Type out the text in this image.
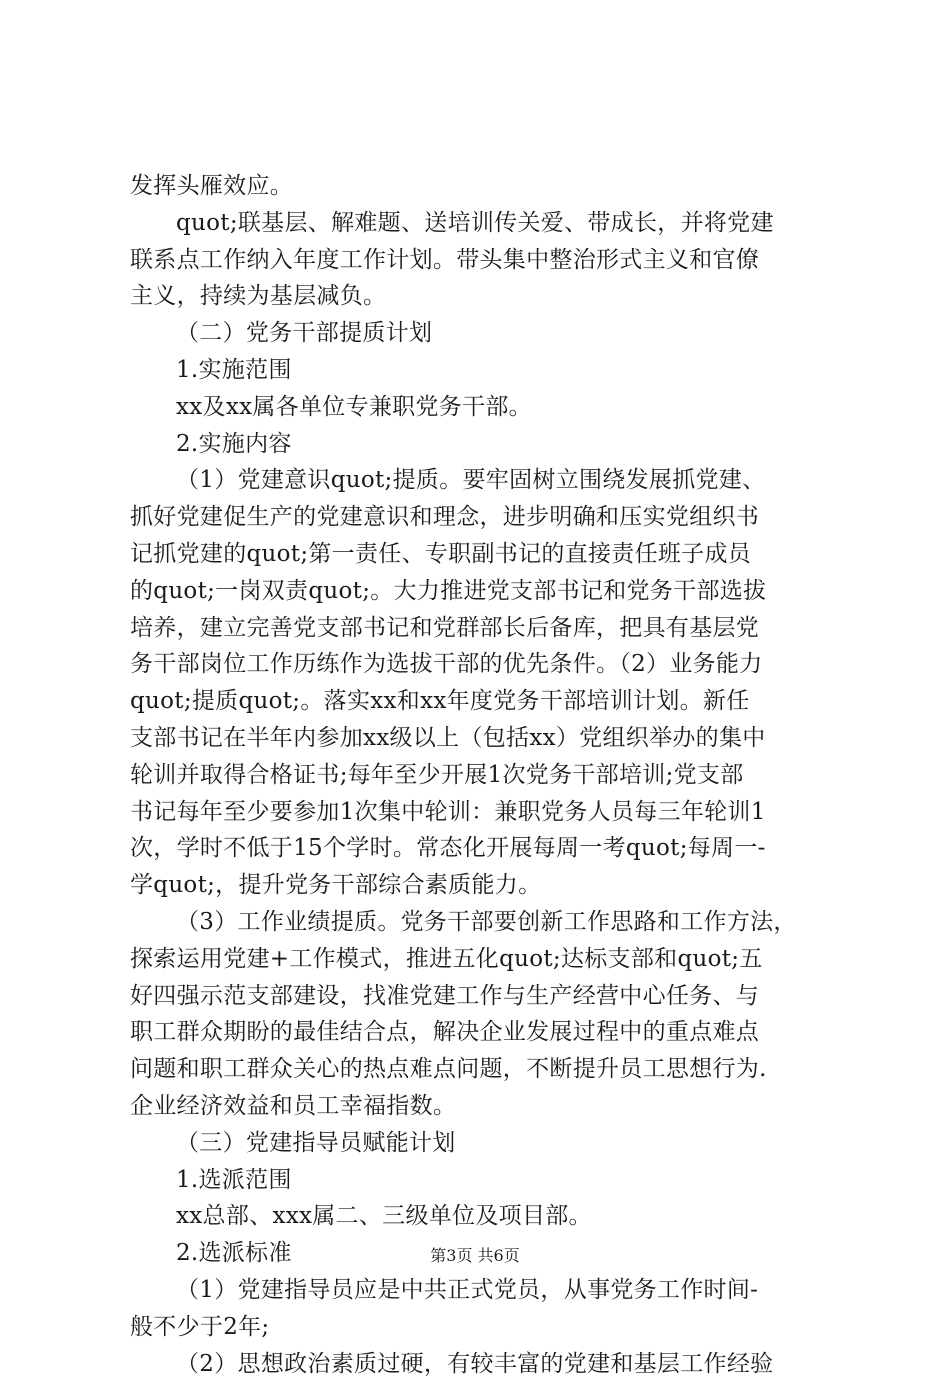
发挥头雁效应。
quot;联基层、解难题、送培训传关爱、带成长，并将党建
联系点工作纳入年度工作计划。带头集中整治形式主义和官僚
主义，持续为基层减负。
（二）党务干部提质计划
1.实施范围
xx及xx属各单位专兼职党务干部。
2.实施内容
（1）党建意识quot;提质。要牢固树立围绕发展抓党建、
抓好党建促生产的党建意识和理念，进步明确和压实党组织书
记抓党建的quot;第一责任、专职副书记的直接责任班子成员
的quot;一岗双责quot;。大力推进党支部书记和党务干部选拔
培养，建立完善党支部书记和党群部长后备库，把具有基层党
务干部岗位工作历练作为选拔干部的优先条件。（2）业务能力
quot;提质quot;。落实xx和xx年度党务干部培训计划。新任
支部书记在半年内参加xx级以上（包括xx）党组织举办的集中
轮训并取得合格证书;每年至少开展1次党务干部培训;党支部
书记每年至少要参加1次集中轮训：兼职党务人员每三年轮训1
次，学时不低于15个学时。常态化开展每周一考quot;每周一-
学quot;，提升党务干部综合素质能力。
（3）工作业绩提质。党务干部要创新工作思路和工作方法，
探索运用党建+工作模式，推进五化quot;达标支部和quot;五
好四强示范支部建设，找准党建工作与生产经营中心任务、与
职工群众期盼的最佳结合点，解决企业发展过程中的重点难点
问题和职工群众关心的热点难点问题，不断提升员工思想行为.
企业经济效益和员工幸福指数。
（三）党建指导员赋能计划
1.选派范围
xx总部、xxx属二、三级单位及项目部。
2.选派标准
（1）党建指导员应是中共正式党员，从事党务工作时间-
般不少于2年;
（2）思想政治素质过硬，有较丰富的党建和基层工作经验
第3页 共6页
